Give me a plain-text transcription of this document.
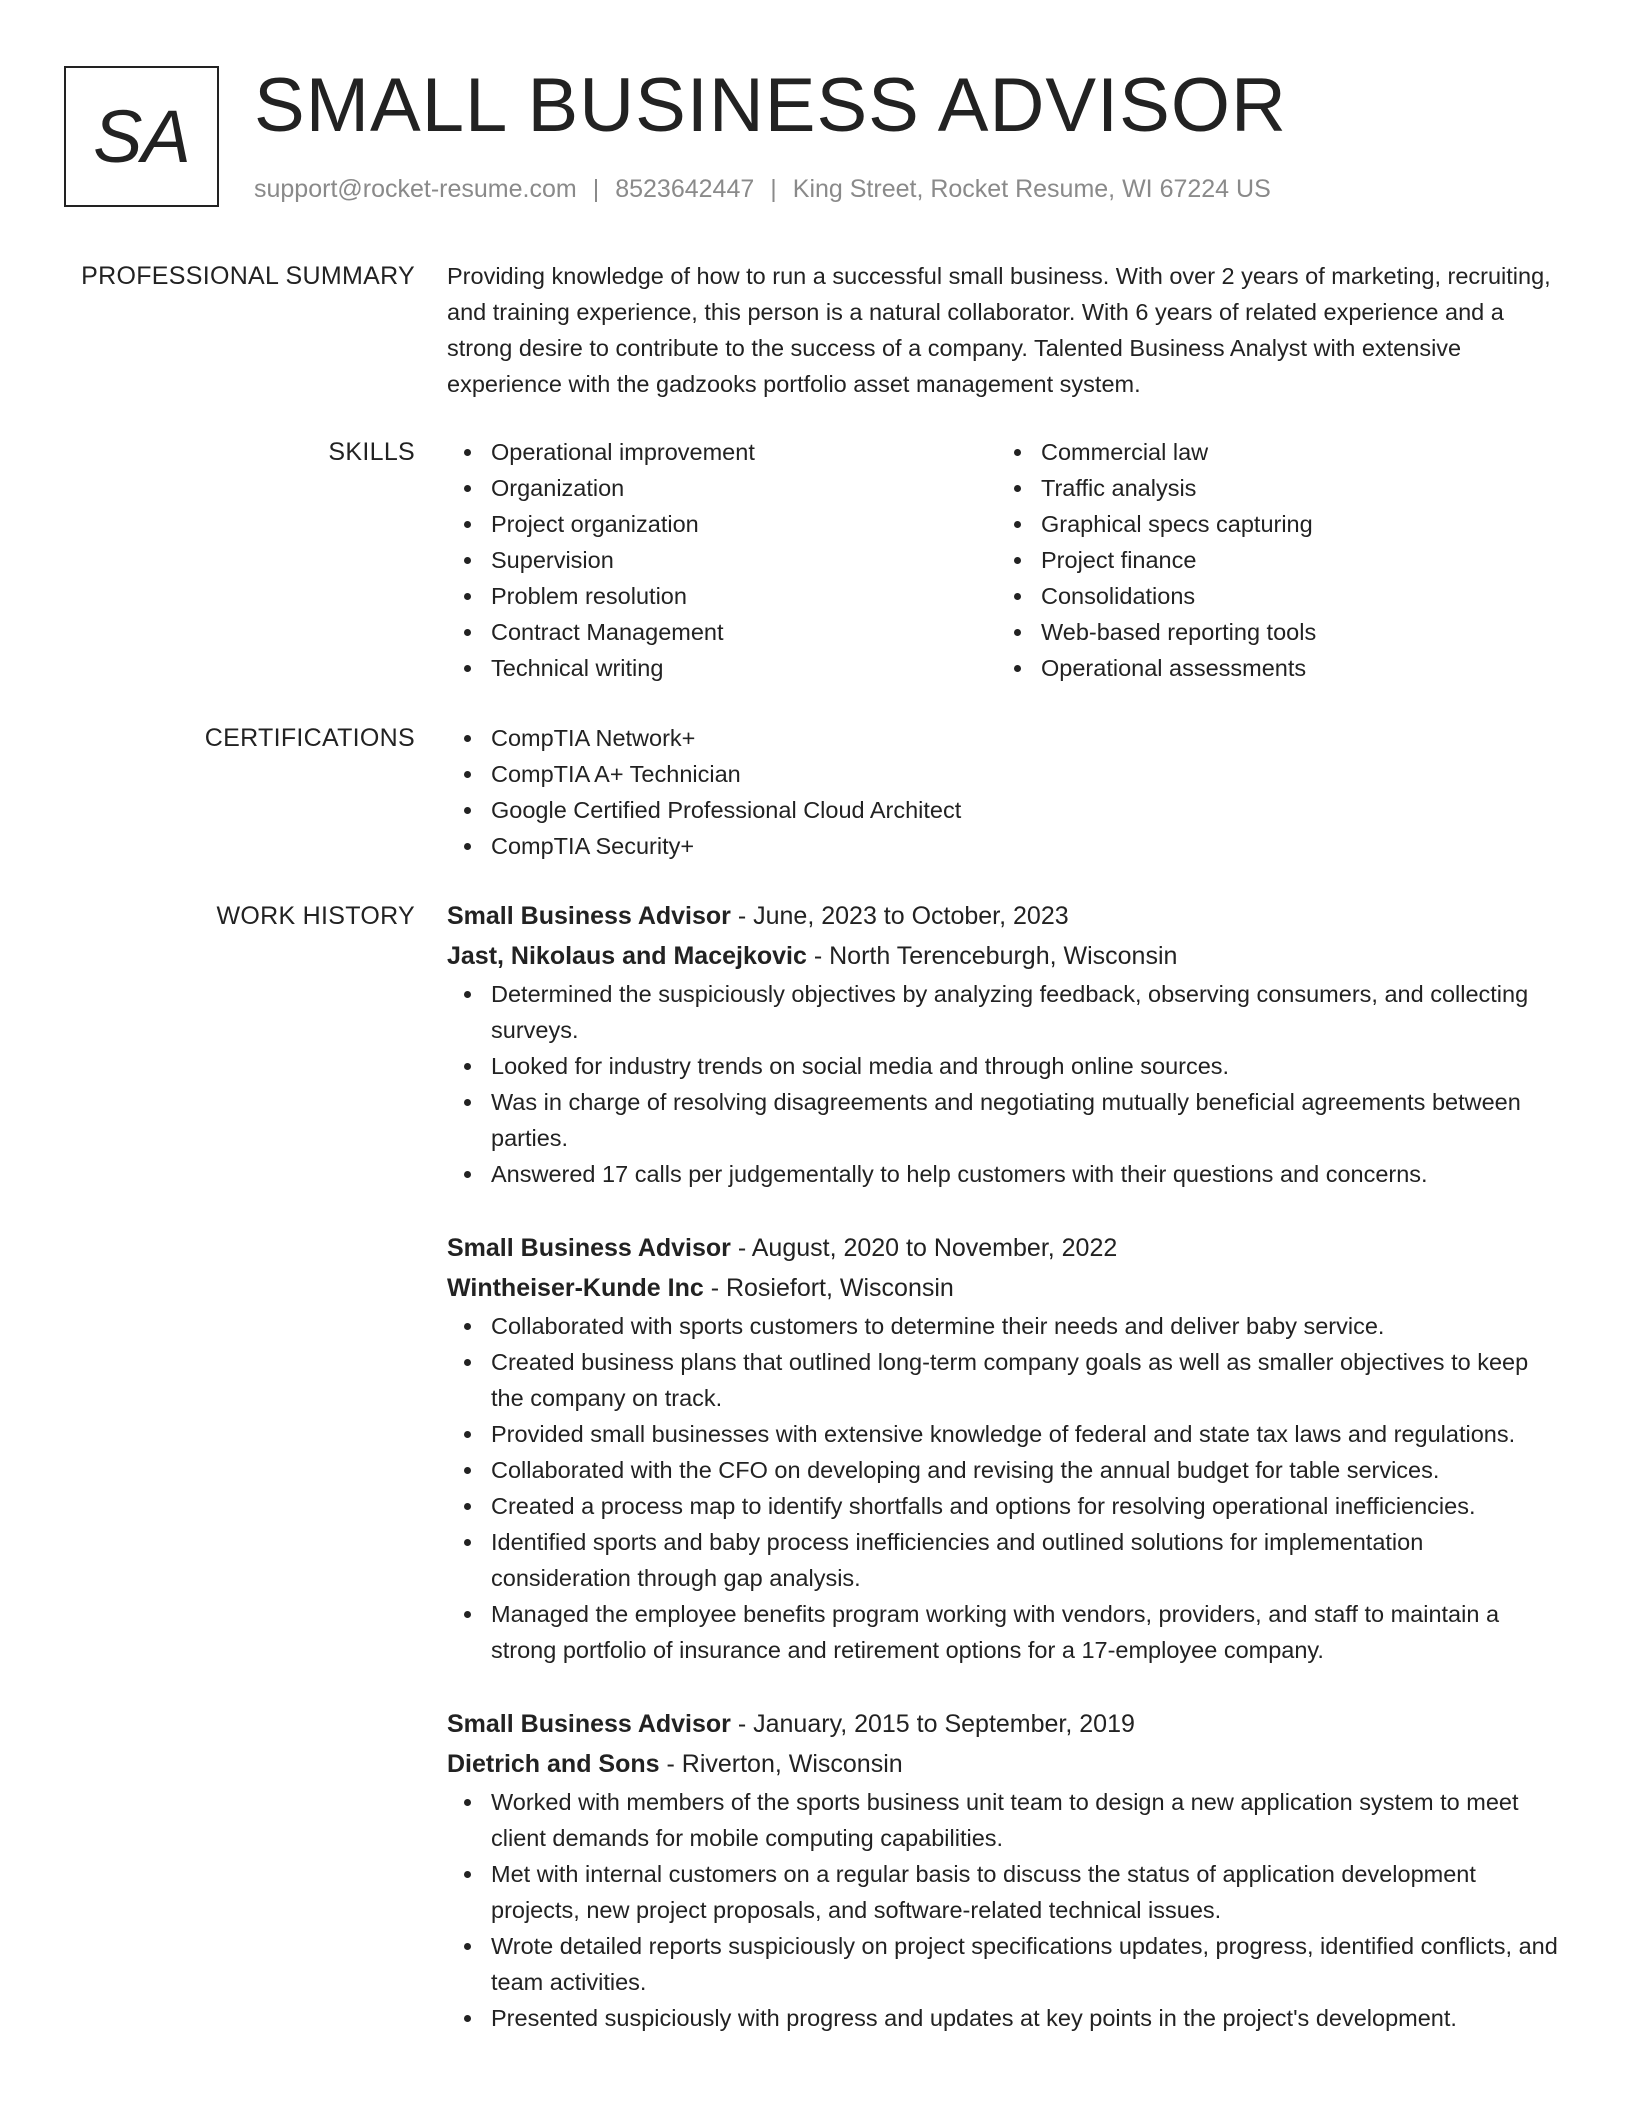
SA SMALL BUSINESS ADVISOR
support@rocket-resume.com | 8523642447 | King Street, Rocket Resume, WI 67224 US
PROFESSIONAL SUMMARY Providing knowledge of how to run a successful small business. With over 2 years of marketing, recruiting, and training experience, this person is a natural collaborator. With 6 years of related experience and a strong desire to contribute to the success of a company. Talented Business Analyst with extensive experience with the gadzooks portfolio asset management system.

SKILLS	Operational improvement
Organization
Project organization
Supervision
Problem resolution
Contract Management
Technical writing
Commercial law
Traffic analysis
Graphical specs capturing
Project finance
Consolidations
Web-based reporting tools
Operational assessments
CERTIFICATIONS	CompTIA Network+
CompTIA A+ Technician
Google Certified Professional Cloud Architect
CompTIA Security+
WORK HISTORY Small Business Advisor - June, 2023 to October, 2023
Jast, Nikolaus and Macejkovic - North Terenceburgh, Wisconsin
Determined the suspiciously objectives by analyzing feedback, observing consumers, and collecting surveys.
Looked for industry trends on social media and through online sources.
Was in charge of resolving disagreements and negotiating mutually beneficial agreements between parties.
Answered 17 calls per judgementally to help customers with their questions and concerns.
Small Business Advisor - August, 2020 to November, 2022
Wintheiser-Kunde Inc - Rosiefort, Wisconsin
Collaborated with sports customers to determine their needs and deliver baby service.
Created business plans that outlined long-term company goals as well as smaller objectives to keep the company on track.
Provided small businesses with extensive knowledge of federal and state tax laws and regulations.
Collaborated with the CFO on developing and revising the annual budget for table services.
Created a process map to identify shortfalls and options for resolving operational inefficiencies.
Identified sports and baby process inefficiencies and outlined solutions for implementation consideration through gap analysis.
Managed the employee benefits program working with vendors, providers, and staff to maintain a strong portfolio of insurance and retirement options for a 17-employee company.
Small Business Advisor - January, 2015 to September, 2019
Dietrich and Sons - Riverton, Wisconsin
Worked with members of the sports business unit team to design a new application system to meet client demands for mobile computing capabilities.
Met with internal customers on a regular basis to discuss the status of application development projects, new project proposals, and software-related technical issues.
Wrote detailed reports suspiciously on project specifications updates, progress, identified conflicts, and team activities.
Presented suspiciously with progress and updates at key points in the project's development.
